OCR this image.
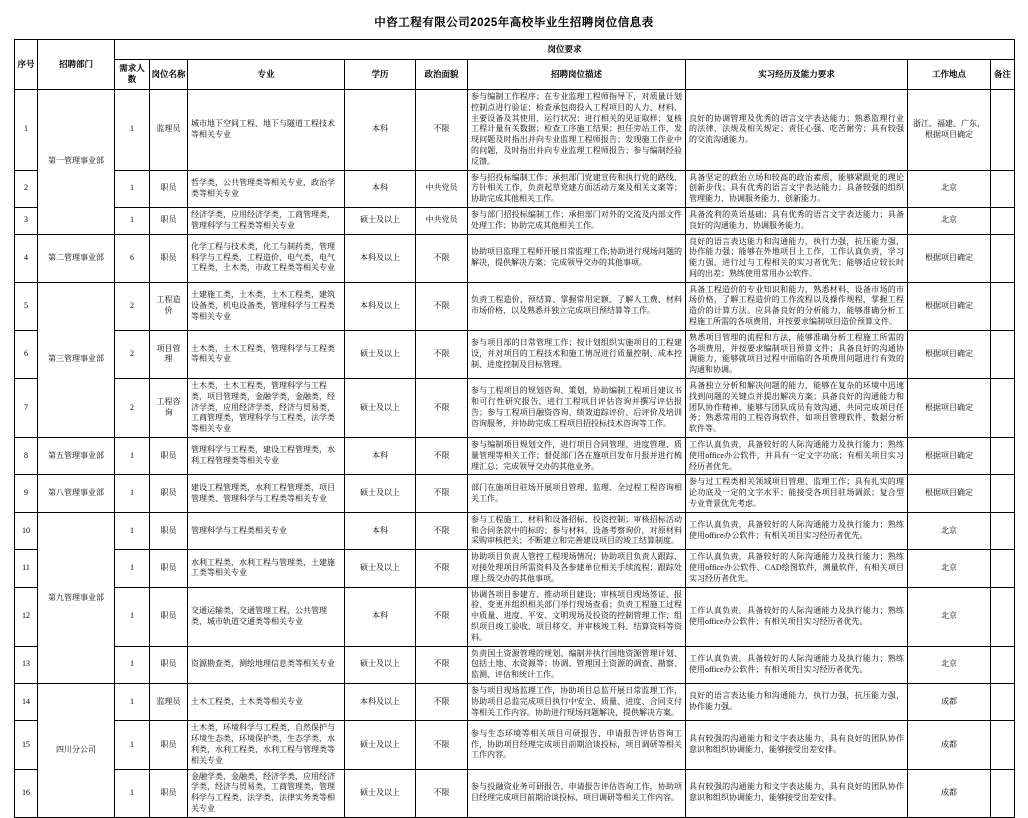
中咨工程有限公司2025年高校毕业生招聘岗位信息表
序号	招聘部门	岗位要求								
		需求人数	岗位名称	专业	学历	政治面貌	招聘岗位描述	实习经历及能力要求	工作地点	备注
1	第一管理事业部	1	监理员	城市地下空间工程、地下与隧道工程技术等相关专业	本科	不限	参与编制工作程序；在专业监理工程师指导下，对质量计划控制点进行验证；检查承包商投入工程项目的人力、材料、主要设备及其使用、运行状况；进行相关的见证取样；复核工程计量有关数据；检查工序施工结果；担任旁站工作，发现问题及时指出并向专业监理工程师报告；发现施工作业中的问题，及时指出并向专业监理工程师报告；参与编制经验反馈。	良好的协调管理及优秀的语言文字表达能力；熟悉监理行业的法律、法规及相关规定；责任心强、吃苦耐劳；具有较强的交流沟通能力。	浙江、福建、广东，根据项目确定	
2		1	职员	哲学类，公共管理类等相关专业，政治学类等相关专业	本科	中共党员	参与招投标编制工作；承担部门党建宣传和执行党的路线、方针相关工作，负责起草党建方面活动方案及相关文案等；协助完成其他相关工作。	具备坚定的政治立场和较高的政治素质，能够紧跟党的理论创新步伐；具有优秀的语言文字表达能力；具备较强的组织管理能力、协调服务能力、创新能力。	北京	
3		1	职员	经济学类，应用经济学类，工商管理类，管理科学与工程类等相关专业	硕士及以上	中共党员	参与部门招投标编制工作；承担部门对外的交流及内部文件处理工作；协助完成其他相关工作。	具备流利的英语基础；具有优秀的语言文字表达能力；具备良好的沟通能力、协调服务能力。	北京	
4	第二管理事业部	6	职员	化学工程与技术类，化工与制药类，管理科学与工程类，工程造价、电气类，电气工程类，土木类，市政工程类等相关专业	本科及以上	不限	协助项目监理工程师开展日常监理工作;协助进行现场问题的解决，提供解决方案；完成领导交办的其他事项。	良好的语言表达能力和沟通能力，执行力强，抗压能力强，协作能力强；能够在外地项目上工作，工作认真负责，学习能力强，进行过与工程相关的实习者优先；能够适应较长时间的出差；熟练使用常用办公软件。	根据项目确定	
5	第三管理事业部	2	工程造价	土建施工类，土木类，土木工程类，建筑设备类，机电设备类，管理科学与工程类等相关专业	本科及以上	不限	负责工程造价、预结算、掌握常用定额、了解人工费、材料市场价格，以及熟悉并独立完成项目预结算等工作。	具备工程造价的专业知识和能力，熟悉材料、设备市场的市场价格，了解工程造价的工作流程以及操作规程，掌握工程造价的计算方法。应具备良好的分析能力，能够准确分析工程施工所需的各项费用，并按要求编制项目造价预算文件。	根据项目确定	
6		2	项目管理	土木类，土木工程类，管理科学与工程类等相关专业	硕士及以上	不限	参与项目部的日常管理工作；按计划组织实施项目的工程建设，并对项目的工程技术和施工情况进行质量控制、成本控制、进度控制及目标管理。	熟悉项目管理的流程和方法，能够准确分析工程施工所需的各项费用，并按要求编制项目预算文件；具备良好的沟通协调能力，能够就项目过程中面临的各项费用问题进行有效的沟通和协调。	根据项目确定	
7		2	工程咨询	土木类，土木工程类，管理科学与工程类，项目管理类，金融学类，金融类，经济学类，应用经济学类，经济与贸易类，工商管理类，管理科学与工程类，法学类等相关专业	硕士及以上	不限	参与工程项目的规划咨询、策划，协助编制工程项目建议书和可行性研究报告，进行工程项目评估咨询并撰写评估报告；参与工程项目融资咨询、绩效追踪评价、后评价及培训咨询服务，并协助完成工程项目招投标技术咨询等工作。	具备独立分析和解决问题的能力，能够在复杂的环境中迅速找到问题的关键点并提出解决方案；具备良好的沟通能力和团队协作精神，能够与团队成员有效沟通，共同完成项目任务；熟悉常用的工程咨询软件，如项目管理软件、数据分析软件等。	根据项目确定	
8	第五管理事业部	1	职员	管理科学与工程类，建设工程管理类，水利工程管理类等相关专业	本科	不限	参与编制项目规划文件，进行项目合同管理、进度管理、质量管理等相关工作；督促部门各在施项目发布月报并进行梳理汇总；完成领导交办的其他业务。	工作认真负责，具备较好的人际沟通能力及执行能力；熟练使用office办公软件，并具有一定文字功底；有相关项目实习经历者优先。	根据项目确定	
9	第八管理事业部	1	职员	建设工程管理类，水利工程管理类，项目管理类、管理科学与工程类等相关专业	硕士及以上	不限	部门在施项目驻场开展项目管理、监理、全过程工程咨询相关工作。	参与过工程类相关领域项目管理、监理工作；具有扎实的理论功底及一定的文字水平；能接受各项目驻场调派；复合型专业背景优先考虑。	根据项目确定	
10	第九管理事业部	1	职员	管理科学与工程类相关专业	本科	不限	参与工程施工、材料和设备招标、投资控制；审核招标活动和合同条款中的标的；参与材料、设备考察询价，对原材料采购审核把关；不断建立和完善建设项目的竣工结算制度。	工作认真负责，具备较好的人际沟通能力及执行能力；熟练使用office办公软件；有相关项目实习经历者优先。	北京	
11		1	职员	水利工程类，水利工程与管理类，土建施工类等相关专业	硕士及以上	不限	协助项目负责人管控工程现场情况；协助项目负责人跟踪、对接处理项目所需资料及各参建单位相关手续流程；跟踪处理上级交办的其他事项。	工作认真负责，具备较好的人际沟通能力及执行能力；熟练使用office办公软件、CAD绘图软件，测量软件，有相关项目实习经历者优先。	北京	
12		1	职员	交通运输类，交通管理工程，公共管理类，城市轨道交通类等相关专业	本科	不限	协调各项目参建方、推动项目建设；审核项目现场签证、报验、变更并组织相关部门举行现场查看；负责工程施工过程中质量、进度、平安、文明现场及投资的控制管理工作；组织项目竣工验收、项目移交、并审核竣工科、结算资料等资料。	工作认真负责，具备较好的人际沟通能力及执行能力；熟练使用office办公软件；有相关项目实习经历者优先。	北京	
13		1	职员	资源勘查类，测绘地理信息类等相关专业	硕士及以上	不限	负责国土资源管理的规划、编制并执行国地资源管理计划、包括土地、水资源等；协调、管理国土资源的调查、勘察、监测、评估和统计工作。	工作认真负责，具备较好的人际沟通能力及执行能力；熟练使用office办公软件；有相关项目实习经历者优先。	北京	
14	四川分公司	1	监理员	土木工程类，土木类等相关专业	本科及以上	不限	参与项目现场监理工作，协助项目总监开展日常监理工作，协助项目总监完成项目执行中安全、质量、进度、合同支付等相关工作内容。协助进行现场问题解决，提供解决方案。	良好的语言表达能力和沟通能力，执行力强，抗压能力强，协作能力强。	成都	
15		1	职员	土木类，环境科学与工程类，自然保护与环境生态类，环境保护类，生态学类，水利类，水利工程类，水利工程与管理类等相关专业	硕士及以上	不限	参与生态环境等相关项目可研报告、申请报告评估咨询工作，协助项目经理完成项目前期洽谈投标，项目调研等相关工作内容。	具有较强的沟通能力和文字表达能力，具有良好的团队协作意识和组织协调能力，能够接受出差安排。	成都	
16		1	职员	金融学类，金融类，经济学类，应用经济学类，经济与贸易类，工商管理类，管理科学与工程类，法学类，法律实务类等相关专业	硕士及以上	不限	参与投融资业务可研报告、申请报告评估咨询工作，协助项目经理完成项目前期洽谈投标，项目调研等相关工作内容。	具有较强的沟通能力和文字表达能力，具有良好的团队协作意识和组织协调能力，能够接受出差安排。	成都	
